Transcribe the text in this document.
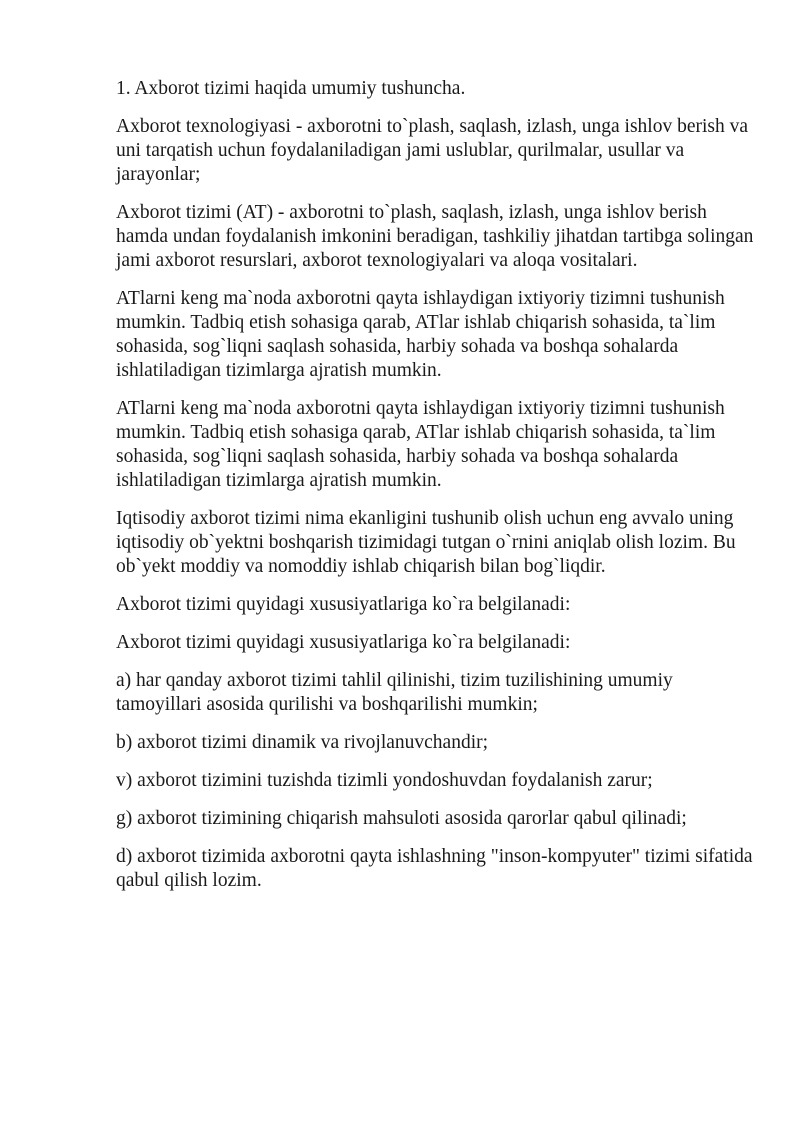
1. Axborot tizimi haqida umumiy tushuncha.

Axborot texnologiyasi - axborotni to`plash, saqlash, izlash, unga ishlov berish va uni tarqatish uchun foydalaniladigan jami uslublar, qurilmalar, usullar va jarayonlar;

Axborot tizimi (AT) - axborotni to`plash, saqlash, izlash, unga ishlov berish hamda undan foydalanish imkonini beradigan, tashkiliy jihatdan tartibga solingan jami axborot resurslari, axborot texnologiyalari va aloqa vositalari.

ATlarni keng ma`noda axborotni qayta ishlaydigan ixtiyoriy tizimni tushunish mumkin. Tadbiq etish sohasiga qarab, ATlar ishlab chiqarish sohasida, ta`lim sohasida, sog`liqni saqlash sohasida, harbiy sohada va boshqa sohalarda ishlatiladigan tizimlarga ajratish mumkin.

ATlarni keng ma`noda axborotni qayta ishlaydigan ixtiyoriy tizimni tushunish mumkin. Tadbiq etish sohasiga qarab, ATlar ishlab chiqarish sohasida, ta`lim sohasida, sog`liqni saqlash sohasida, harbiy sohada va boshqa sohalarda ishlatiladigan tizimlarga ajratish mumkin.

Iqtisodiy axborot tizimi nima ekanligini tushunib olish uchun eng avvalo uning iqtisodiy ob`yektni boshqarish tizimidagi tutgan o`rnini aniqlab olish lozim. Bu ob`yekt moddiy va nomoddiy ishlab chiqarish bilan bog`liqdir.

Axborot tizimi quyidagi xususiyatlariga ko`ra belgilanadi:

Axborot tizimi quyidagi xususiyatlariga ko`ra belgilanadi:

a) har qanday axborot tizimi tahlil qilinishi, tizim tuzilishining umumiy tamoyillari asosida qurilishi va boshqarilishi mumkin;

b) axborot tizimi dinamik va rivojlanuvchandir;

v) axborot tizimini tuzishda tizimli yondoshuvdan foydalanish zarur;

g) axborot tizimining chiqarish mahsuloti asosida qarorlar qabul qilinadi;

d) axborot tizimida axborotni qayta ishlashning "inson-kompyuter" tizimi sifatida qabul qilish lozim.
